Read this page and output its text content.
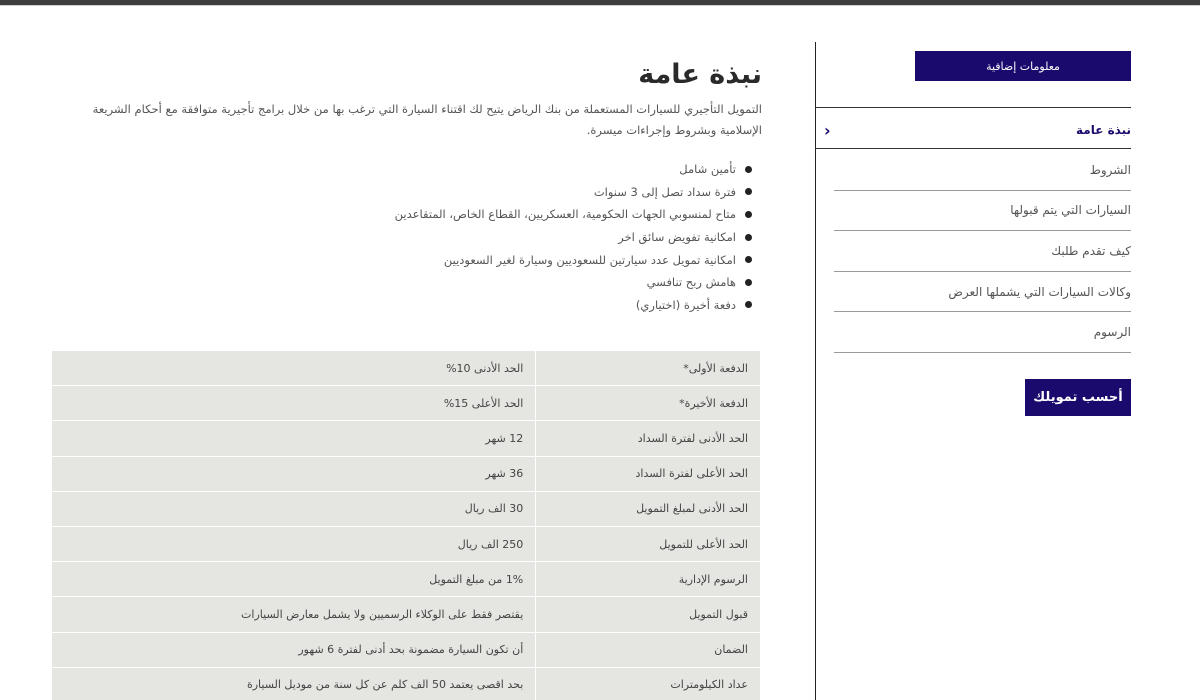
معلومات إضافية
نبذة عامة
‹
الشروط
السيارات التي يتم قبولها
كيف تقدم طلبك
وكالات السيارات التي يشملها العرض
الرسوم
أحسب تمويلك
نبذة عامة

التمويل التأجيري للسيارات المستعملة من بنك الرياض يتيح لك اقتناء السيارة التي ترغب بها من خلال برامج تأجيرية متوافقة مع أحكام الشريعة الإسلامية وبشروط وإجراءات ميسرة.

تأمين شامل
فترة سداد تصل إلى 3 سنوات
متاح لمنسوبي الجهات الحكومية، العسكريين، القطاع الخاص، المتقاعدين
امكانية تفويض سائق اخر
امكانية تمويل عدد سيارتين للسعوديين وسيارة لغير السعوديين
هامش ربح تنافسي
دفعة أخيرة (اختياري)
الدفعة الأولى*	الحد الأدنى 10%
الدفعة الأخيرة*	الحد الأعلى 15%
الحد الأدنى لفترة السداد	12 شهر
الحد الأعلى لفترة السداد	36 شهر
الحد الأدنى لمبلغ التمويل	30 الف ريال
الحد الأعلى للتمويل	250 الف ريال
الرسوم الإدارية	1% من مبلغ التمويل
قبول التمويل	يقتصر فقط على الوكلاء الرسميين ولا يشمل معارض السيارات
الضمان	أن تكون السيارة مضمونة بحد أدنى لفترة 6 شهور
عداد الكيلومترات	بحد اقصى يعتمد 50 الف كلم عن كل سنة من موديل السيارة
